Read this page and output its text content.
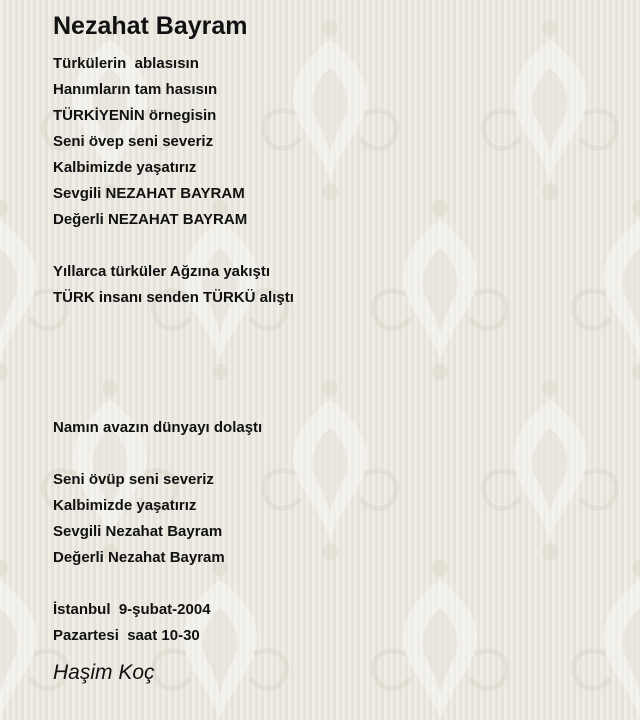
Nezahat Bayram
Türkülerin  ablasısın
Hanımların tam hasısın
TÜRKİYENİN örnegisin
Seni övep seni severiz
Kalbimizde yaşatırız
Sevgili NEZAHAT BAYRAM
Değerli NEZAHAT BAYRAM
Yıllarca türküler Ağzına yakıştı
TÜRK insanı senden TÜRKÜ alıştı
Namın avazın dünyayı dolaştı
Seni övüp seni severiz
Kalbimizde yaşatırız
Sevgili Nezahat Bayram
Değerli Nezahat Bayram
İstanbul  9-şubat-2004
Pazartesi  saat 10-30
Haşim Koç
